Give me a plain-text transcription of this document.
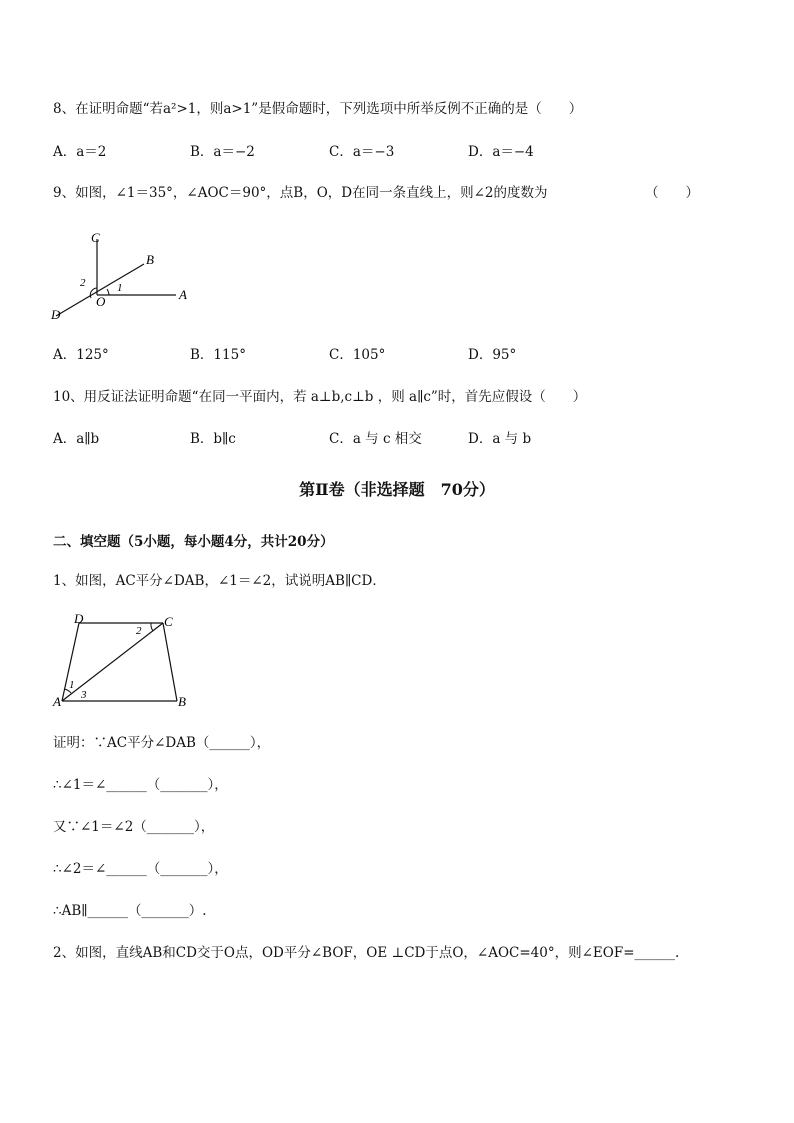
8、在证明命题“若a²>1，则a>1”是假命题时，下列选项中所举反例不正确的是（　　）
A．a＝2	B．a＝−2	C．a＝−3	D．a＝−4
9、如图，∠1＝35°，∠AOC＝90°，点B，O，D在同一条直线上，则∠2的度数为	（　　）
C
B
A
D
O
1
2
A．125°	B．115°	C．105°	D．95°
10、用反证法证明命题“在同一平面内，若 a⊥b,c⊥b ，则 a∥c”时，首先应假设（　　）
A．a∥b	B．b∥c	C．a 与 c 相交	D．a 与 b
第Ⅱ卷（非选择题　70分）
二、填空题（5小题，每小题4分，共计20分）
1、如图，AC平分∠DAB，∠1＝∠2，试说明AB∥CD．
D	C
A	B
1
2
3
证明：∵AC平分∠DAB（______），
∴∠1＝∠______（_______），
又∵∠1＝∠2（_______），
∴∠2＝∠______（_______），
∴AB∥______（_______）.
2、如图，直线AB和CD交于O点，OD平分∠BOF，OE ⊥CD于点O，∠AOC=40°，则∠EOF=______.
